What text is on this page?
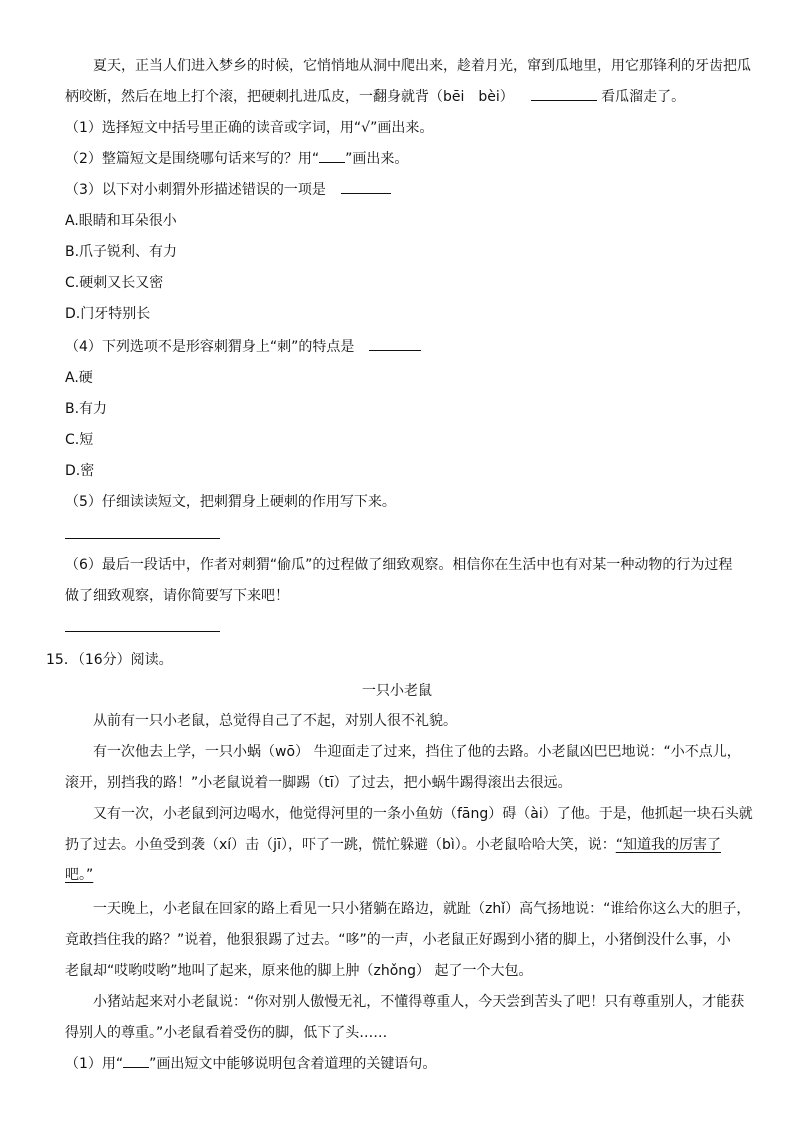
夏天，正当人们进入梦乡的时候，它悄悄地从洞中爬出来，趁着月光，窜到瓜地里，用它那锋利的牙齿把瓜
柄咬断，然后在地上打个滚，把硬刺扎进瓜皮，一翻身就背（bēi　bèi）	看瓜溜走了。
（1）选择短文中括号里正确的读音或字词，用“√”画出来。
（2）整篇短文是围绕哪句话来写的？用“ ”画出来。
（3）以下对小刺猬外形描述错误的一项是
A.眼睛和耳朵很小
B.爪子锐利、有力
C.硬刺又长又密
D.门牙特别长
（4）下列选项不是形容刺猬身上“刺”的特点是
A.硬
B.有力
C.短
D.密
（5）仔细读读短文，把刺猬身上硬刺的作用写下来。
（6）最后一段话中，作者对刺猬“偷瓜”的过程做了细致观察。相信你在生活中也有对某一种动物的行为过程
做了细致观察，请你简要写下来吧！
15．（16分）阅读。
一只小老鼠
从前有一只小老鼠，总觉得自己了不起，对别人很不礼貌。
有一次他去上学，一只小蜗（wō） 牛迎面走了过来，挡住了他的去路。小老鼠凶巴巴地说：“小不点儿，
滚开，别挡我的路！”小老鼠说着一脚踢（tī）了过去，把小蜗牛踢得滚出去很远。
又有一次，小老鼠到河边喝水，他觉得河里的一条小鱼妨（fāng）碍（ài）了他。于是，他抓起一块石头就
扔了过去。小鱼受到袭（xí）击（jī），吓了一跳，慌忙躲避（bì）。小老鼠哈哈大笑，说：“知道我的厉害了
吧。”
一天晚上，小老鼠在回家的路上看见一只小猪躺在路边，就趾（zhǐ）高气扬地说：“谁给你这么大的胆子，
竟敢挡住我的路？”说着，他狠狠踢了过去。“哆”的一声，小老鼠正好踢到小猪的脚上，小猪倒没什么事，小
老鼠却“哎哟哎哟”地叫了起来，原来他的脚上肿（zhǒng） 起了一个大包。
小猪站起来对小老鼠说：“你对别人傲慢无礼，不懂得尊重人，今天尝到苦头了吧！只有尊重别人，才能获
得别人的尊重。”小老鼠看着受伤的脚，低下了头……
（1）用“ ”画出短文中能够说明包含着道理的关键语句。
